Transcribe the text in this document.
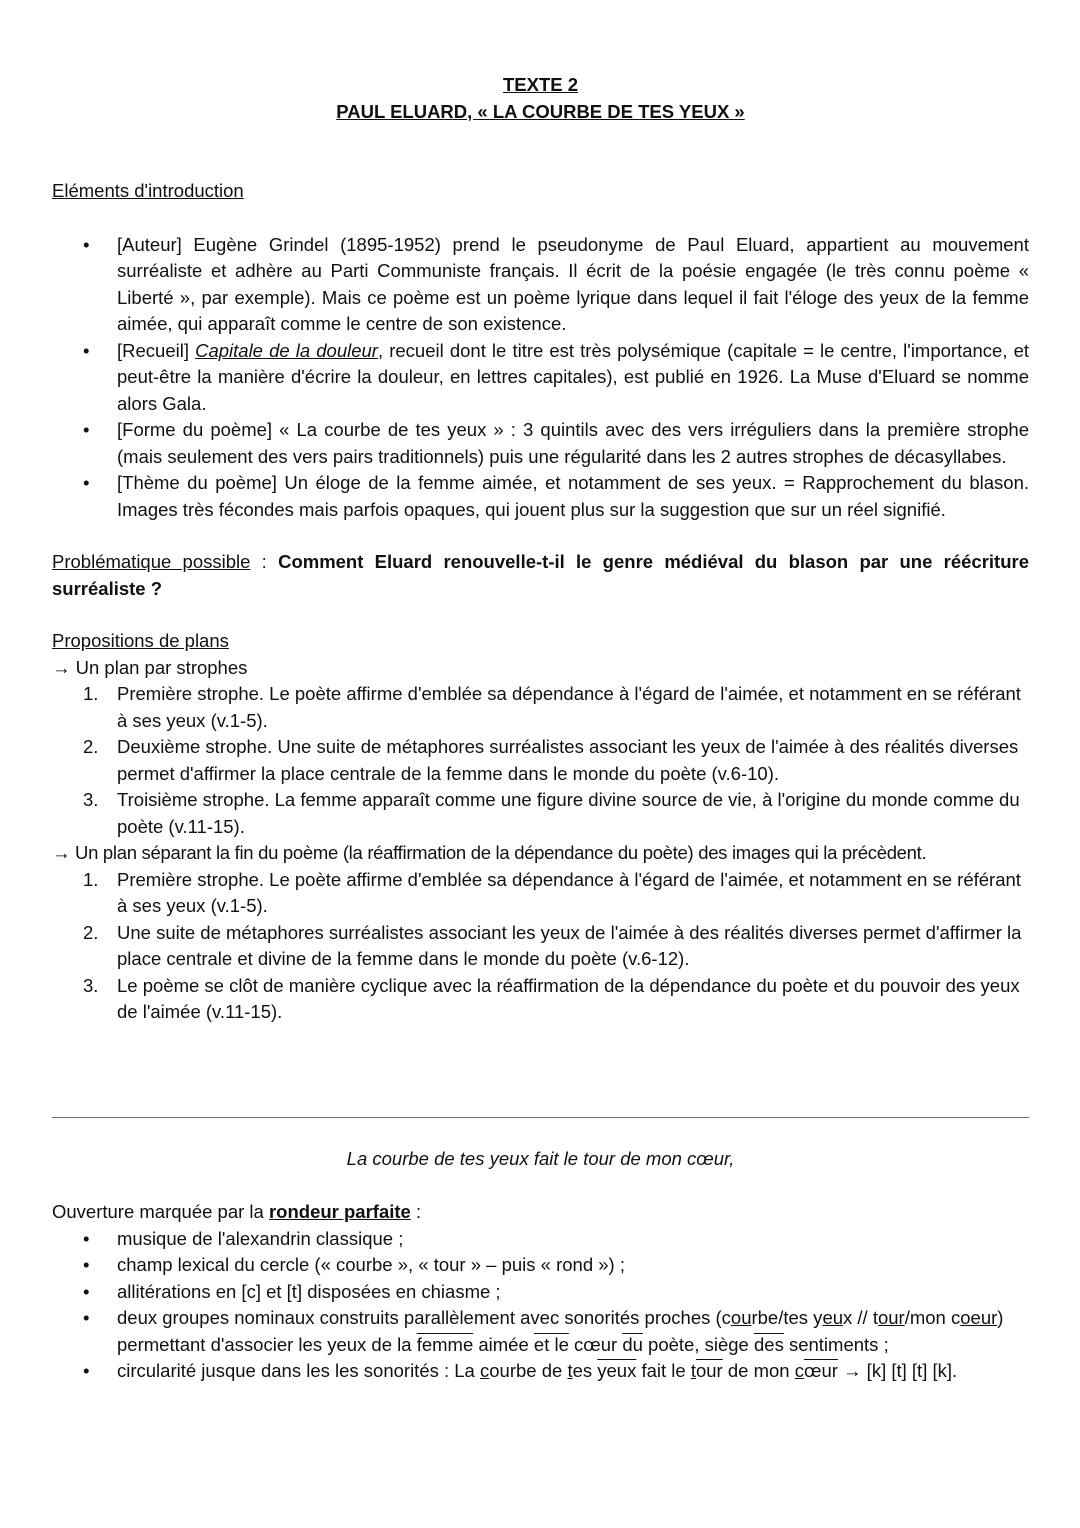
TEXTE 2

PAUL ELUARD, « LA COURBE DE TES YEUX »

Eléments d'introduction

• [Auteur] Eugène Grindel (1895-1952) prend le pseudonyme de Paul Eluard, appartient au mouvement surréaliste et adhère au Parti Communiste français. Il écrit de la poésie engagée (le très connu poème « Liberté », par exemple). Mais ce poème est un poème lyrique dans lequel il fait l'éloge des yeux de la femme aimée, qui apparaît comme le centre de son existence.
• [Recueil] Capitale de la douleur, recueil dont le titre est très polysémique (capitale = le centre, l'importance, et peut-être la manière d'écrire la douleur, en lettres capitales), est publié en 1926. La Muse d'Eluard se nomme alors Gala.
• [Forme du poème] « La courbe de tes yeux » : 3 quintils avec des vers irréguliers dans la première strophe (mais seulement des vers pairs traditionnels) puis une régularité dans les 2 autres strophes de décasyllabes.
• [Thème du poème] Un éloge de la femme aimée, et notamment de ses yeux. = Rapprochement du blason. Images très fécondes mais parfois opaques, qui jouent plus sur la suggestion que sur un réel signifié.

Problématique possible : Comment Eluard renouvelle-t-il le genre médiéval du blason par une réécriture surréaliste ?

Propositions de plans

→ Un plan par strophes

1. Première strophe. Le poète affirme d'emblée sa dépendance à l'égard de l'aimée, et notamment en se référant à ses yeux (v.1-5).
2. Deuxième strophe. Une suite de métaphores surréalistes associant les yeux de l'aimée à des réalités diverses permet d'affirmer la place centrale de la femme dans le monde du poète (v.6-10).
3. Troisième strophe. La femme apparaît comme une figure divine source de vie, à l'origine du monde comme du poète (v.11-15).

→ Un plan séparant la fin du poème (la réaffirmation de la dépendance du poète) des images qui la précèdent.

1. Première strophe. Le poète affirme d'emblée sa dépendance à l'égard de l'aimée, et notamment en se référant à ses yeux (v.1-5).
2. Une suite de métaphores surréalistes associant les yeux de l'aimée à des réalités diverses permet d'affirmer la place centrale et divine de la femme dans le monde du poète (v.6-12).
3. Le poème se clôt de manière cyclique avec la réaffirmation de la dépendance du poète et du pouvoir des yeux de l'aimée (v.11-15).

La courbe de tes yeux fait le tour de mon cœur,

Ouverture marquée par la rondeur parfaite :

• musique de l'alexandrin classique ;
• champ lexical du cercle (« courbe », « tour » – puis « rond ») ;
• allitérations en [c] et [t] disposées en chiasme ;
• deux groupes nominaux construits parallèlement avec sonorités proches (courbe/tes yeux // tour/mon coeur) permettant d'associer les yeux de la femme aimée et le cœur $\overline{du}$ poète, siège $\overline{des}$ sentiments ;
• circularité jusque dans les les sonorités : La courbe de tes yeux fait le $t\overline{our}$ de mon $c\overline{œur} \to [k]$ [t] [t] [k].
